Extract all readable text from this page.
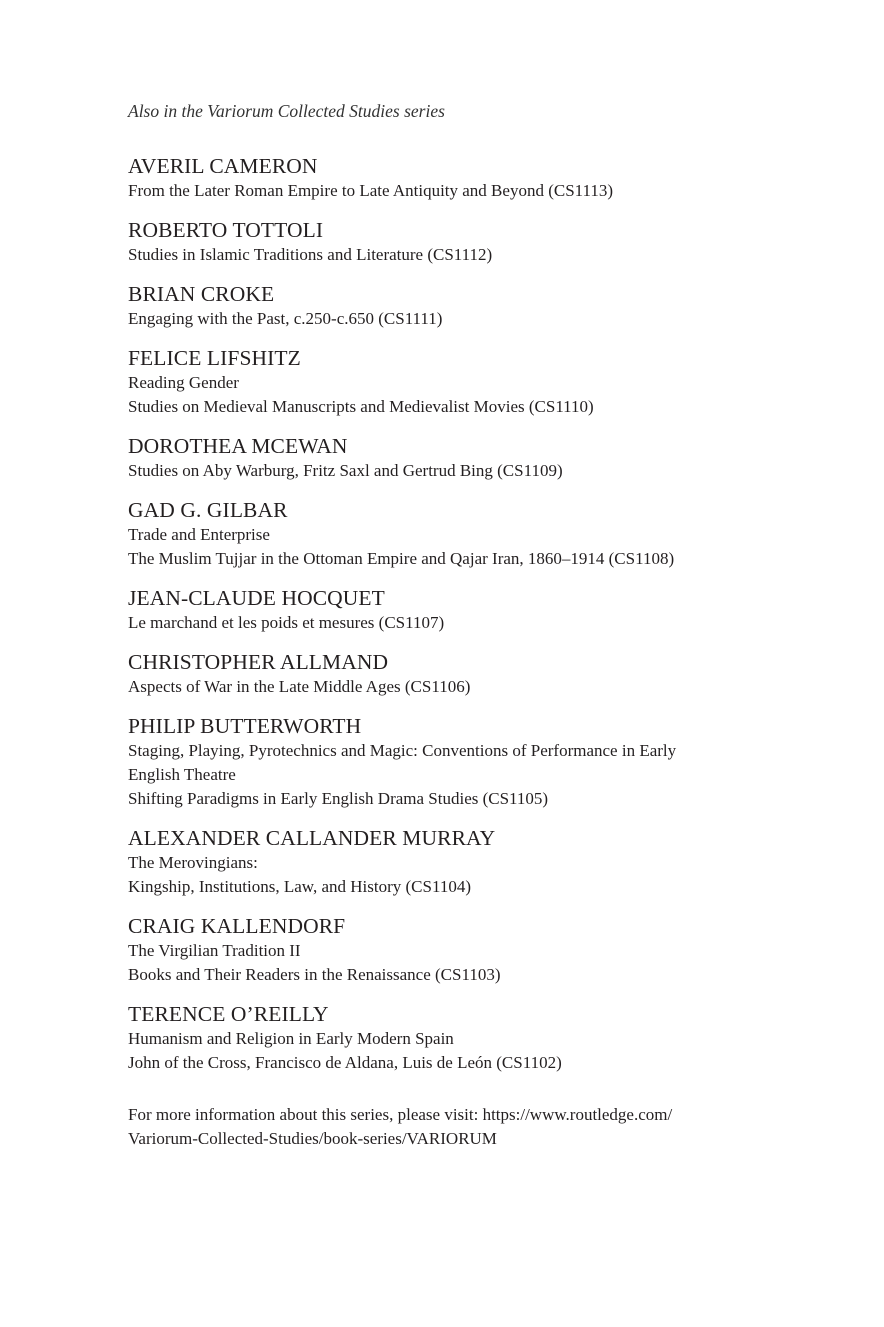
Also in the Variorum Collected Studies series
AVERIL CAMERON
From the Later Roman Empire to Late Antiquity and Beyond (CS1113)
ROBERTO TOTTOLI
Studies in Islamic Traditions and Literature (CS1112)
BRIAN CROKE
Engaging with the Past, c.250-c.650 (CS1111)
FELICE LIFSHITZ
Reading Gender
Studies on Medieval Manuscripts and Medievalist Movies (CS1110)
DOROTHEA MCEWAN
Studies on Aby Warburg, Fritz Saxl and Gertrud Bing (CS1109)
GAD G. GILBAR
Trade and Enterprise
The Muslim Tujjar in the Ottoman Empire and Qajar Iran, 1860–1914 (CS1108)
JEAN-CLAUDE HOCQUET
Le marchand et les poids et mesures (CS1107)
CHRISTOPHER ALLMAND
Aspects of War in the Late Middle Ages (CS1106)
PHILIP BUTTERWORTH
Staging, Playing, Pyrotechnics and Magic: Conventions of Performance in Early
English Theatre
Shifting Paradigms in Early English Drama Studies (CS1105)
ALEXANDER CALLANDER MURRAY
The Merovingians:
Kingship, Institutions, Law, and History (CS1104)
CRAIG KALLENDORF
The Virgilian Tradition II
Books and Their Readers in the Renaissance (CS1103)
TERENCE O’REILLY
Humanism and Religion in Early Modern Spain
John of the Cross, Francisco de Aldana, Luis de León (CS1102)
For more information about this series, please visit: https://www.routledge.com/
Variorum-Collected-Studies/book-series/VARIORUM
